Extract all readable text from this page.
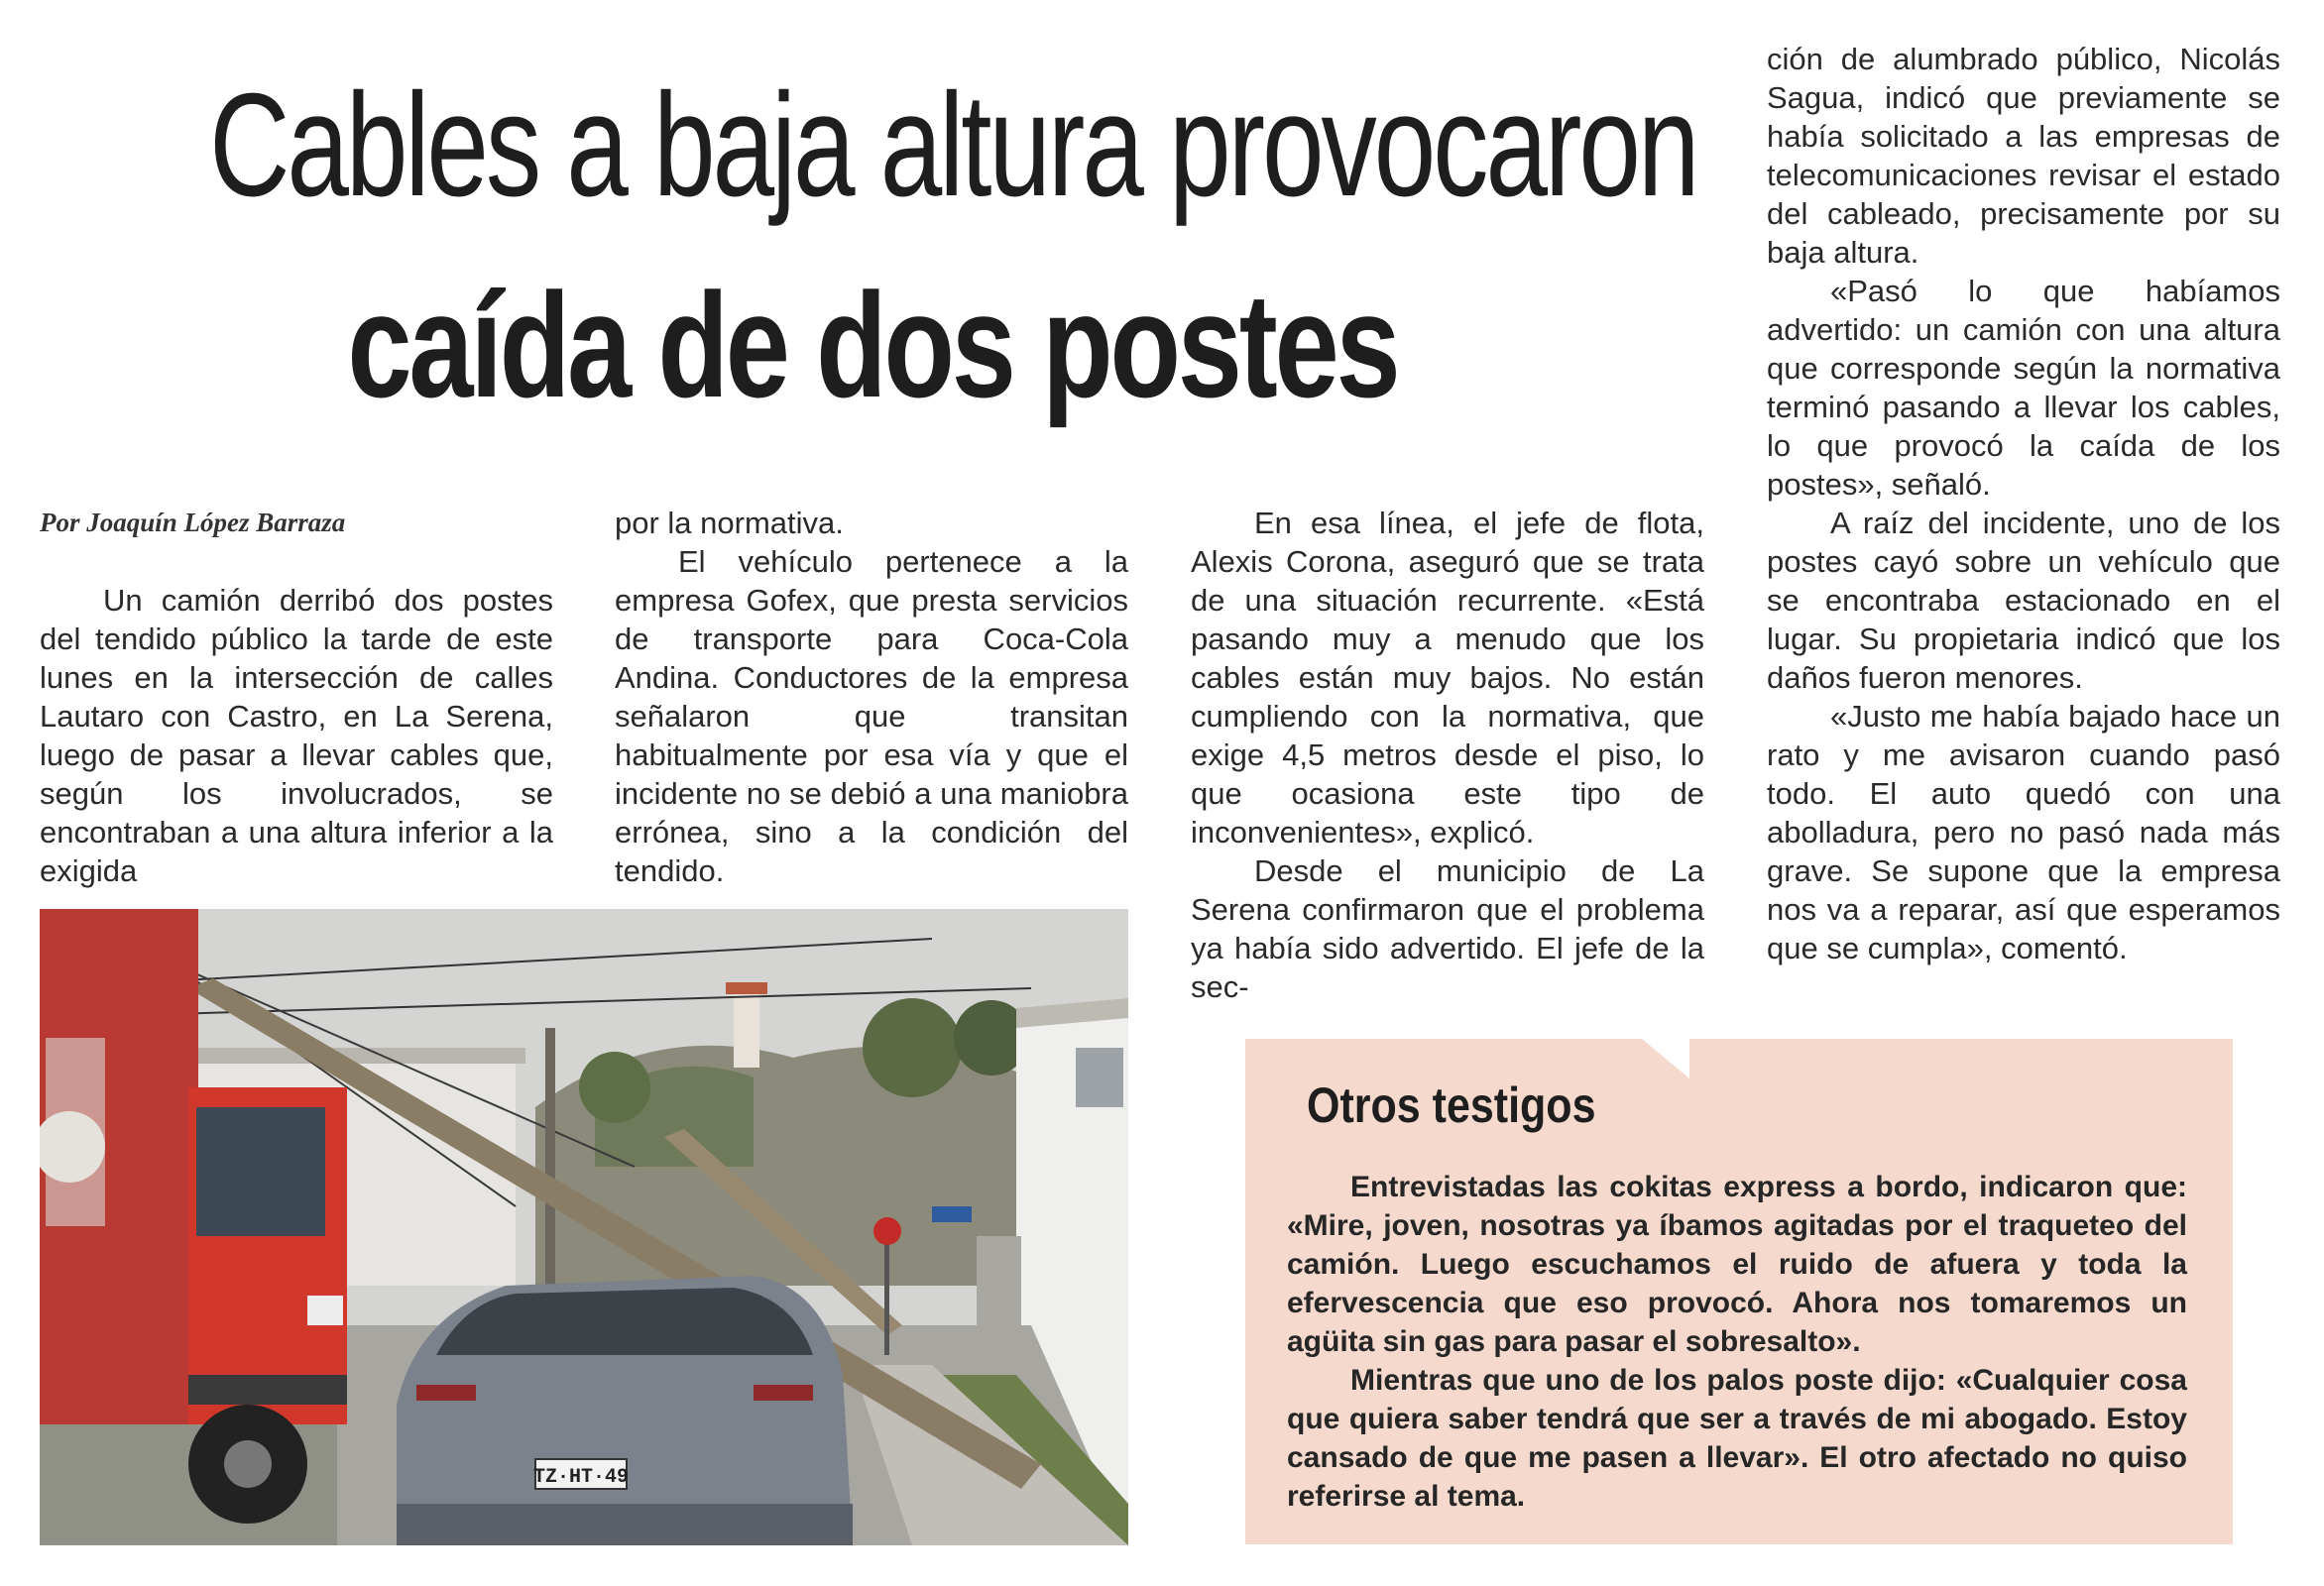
Cables a baja altura provocaron
caída de dos postes
Por Joaquín López Barraza

Un camión derribó dos postes del tendido público la tarde de este lunes en la intersección de calles Lautaro con Castro, en La Serena, luego de pasar a llevar cables que, según los involucrados, se encontraban a una altura inferior a la exigida

por la normativa.

El vehículo pertenece a la empresa Gofex, que presta servicios de transporte para Coca-Cola Andina. Conductores de la empresa señalaron que transitan habitualmente por esa vía y que el incidente no se debió a una maniobra errónea, sino a la condición del tendido.

En esa línea, el jefe de flota, Alexis Corona, aseguró que se trata de una situación recurrente. «Está pasando muy a menudo que los cables están muy bajos. No están cumpliendo con la normativa, que exige 4,5 metros desde el piso, lo que ocasiona este tipo de inconvenientes», explicó.

Desde el municipio de La Serena confirmaron que el problema ya había sido advertido. El jefe de la sec-

ción de alumbrado público, Nicolás Sagua, indicó que previamente se había solicitado a las empresas de telecomunicaciones revisar el estado del cableado, precisamente por su baja altura.

«Pasó lo que habíamos advertido: un camión con una altura que corresponde según la normativa terminó pasando a llevar los cables, lo que provocó la caída de los postes», señaló.

A raíz del incidente, uno de los postes cayó sobre un vehículo que se encontraba estacionado en el lugar. Su propietaria indicó que los daños fueron menores.

«Justo me había bajado hace un rato y me avisaron cuando pasó todo. El auto quedó con una abolladura, pero no pasó nada más grave. Se supone que la empresa nos va a reparar, así que esperamos que se cumpla», comentó.

TZ·HT·49
Otros testigos

Entrevistadas las cokitas express a bordo, indicaron que: «Mire, joven, nosotras ya íbamos agitadas por el traqueteo del camión. Luego escuchamos el ruido de afuera y toda la efervescencia que eso provocó. Ahora nos tomaremos un agüita sin gas para pasar el sobresalto».

Mientras que uno de los palos poste dijo: «Cualquier cosa que quiera saber tendrá que ser a través de mi abogado. Estoy cansado de que me pasen a llevar». El otro afectado no quiso referirse al tema.
